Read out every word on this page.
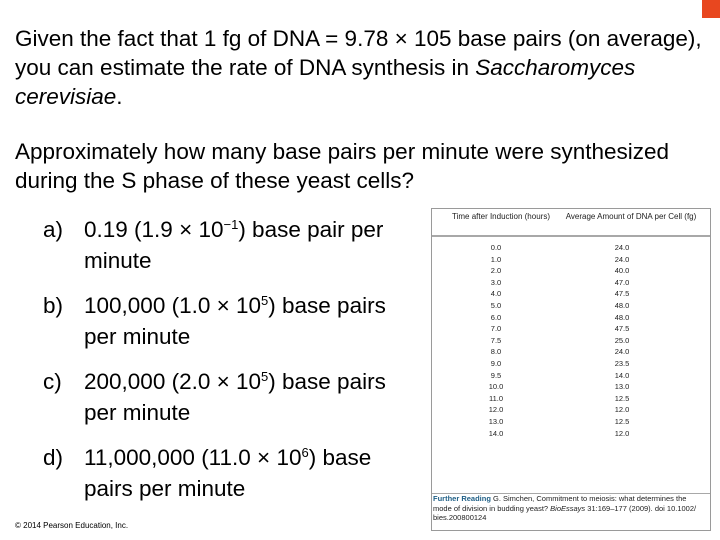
Given the fact that 1 fg of DNA = 9.78 × 105 base pairs (on average), you can estimate the rate of DNA synthesis in Saccharomyces cerevisiae.
Approximately how many base pairs per minute were synthesized during the S phase of these yeast cells?
a) 0.19 $(1.9 \times 10^{-1})$ base pair per minute
b) 100,000 $(1.0 \times 10^5)$ base pairs per minute
c) 200,000 $(2.0 \times 10^5)$ base pairs per minute
d) 11,000,000 $(11.0 \times 10^6)$ base pairs per minute
Time after Induction (hours)	Average Amount of DNA per Cell (fg)
0.0	24.0
1.0	24.0
2.0	40.0
3.0	47.0
4.0	47.5
5.0	48.0
6.0	48.0
7.0	47.5
7.5	25.0
8.0	24.0
9.0	23.5
9.5	14.0
10.0	13.0
11.0	12.5
12.0	12.0
13.0	12.5
14.0	12.0
Further Reading G. Simchen, Commitment to meiosis: what determines the mode of division in budding yeast? BioEssays 31:169–177 (2009). doi 10.1002/ bies.200800124
© 2014 Pearson Education, Inc.
